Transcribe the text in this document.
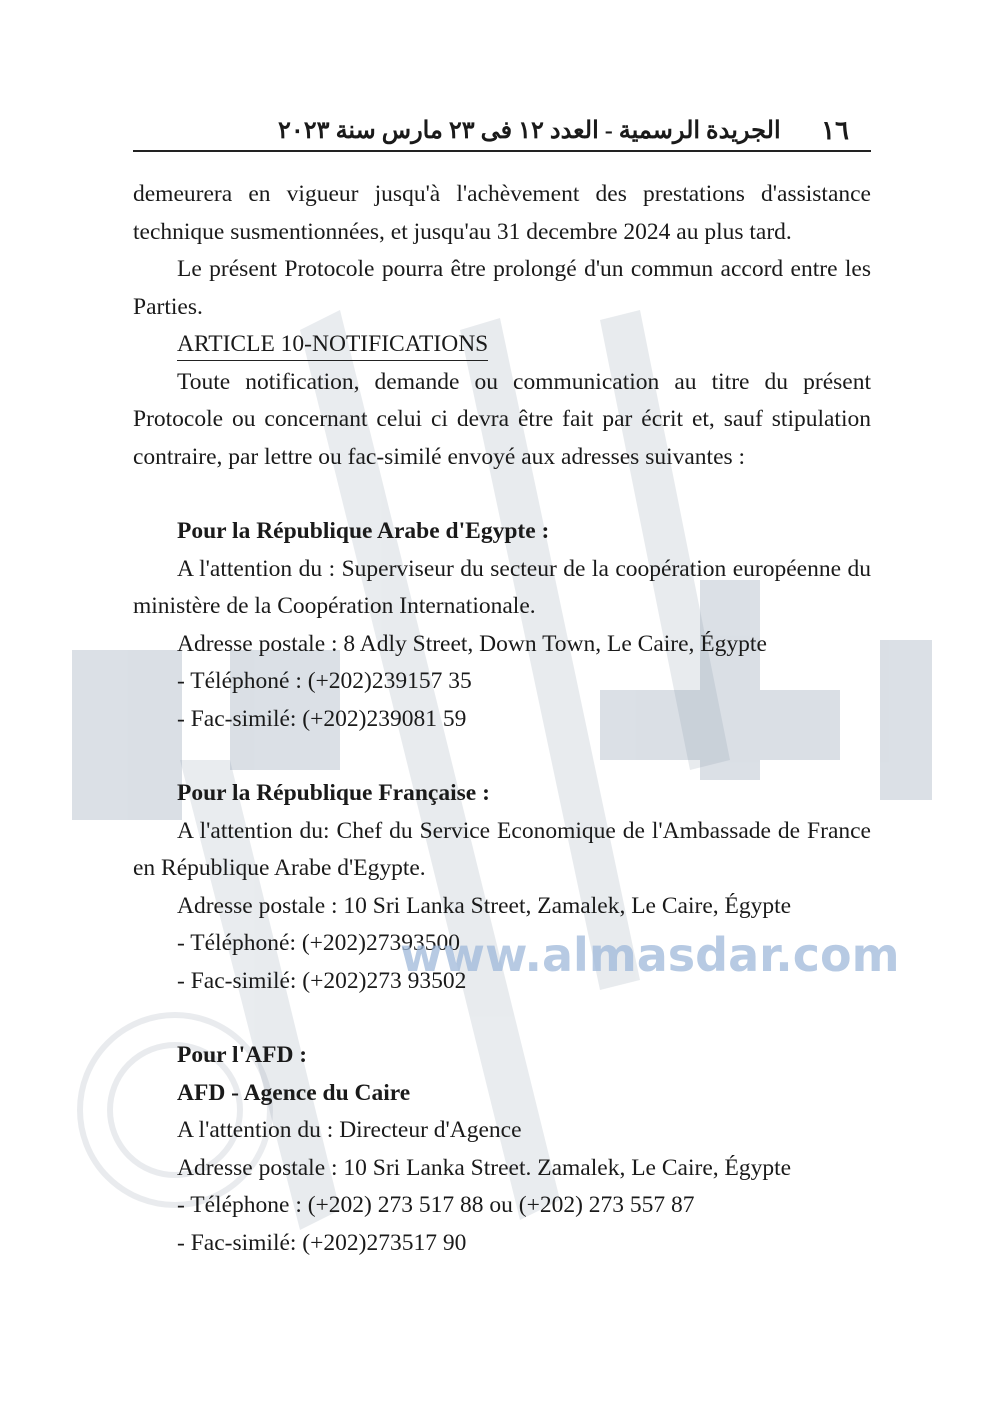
١٦
الجريدة الرسمية - العدد ١٢ فى ٢٣ مارس سنة ٢٠٢٣

demeurera en vigueur jusqu'à l'achèvement des prestations d'assistance technique susmentionnées, et jusqu'au 31 decembre 2024 au plus tard.

Le présent Protocole pourra être prolongé d'un commun accord entre les Parties.

ARTICLE 10-NOTIFICATIONS

Toute notification, demande ou communication au titre du présent Protocole ou concernant celui ci devra être fait par écrit et, sauf stipulation contraire, par lettre ou fac-similé envoyé aux adresses suivantes :

Pour la République Arabe d'Egypte :

A l'attention du : Superviseur du secteur de la coopération européenne du ministère de la Coopération Internationale.

Adresse postale : 8 Adly Street, Down Town, Le Caire, Égypte

- Téléphoné : (+202)239157 35

- Fac-similé: (+202)239081 59

Pour la République Française :

A l'attention du: Chef du Service Economique de l'Ambassade de France en République Arabe d'Egypte.

Adresse postale : 10 Sri Lanka Street, Zamalek, Le Caire, Égypte

- Téléphoné: (+202)27393500

- Fac-similé: (+202)273 93502

Pour l'AFD :

AFD - Agence du Caire

A l'attention du : Directeur d'Agence

Adresse postale : 10 Sri Lanka Street. Zamalek, Le Caire, Égypte

- Téléphone : (+202) 273 517 88 ou (+202) 273 557 87

- Fac-similé: (+202)273517 90

www.almasdar.com
